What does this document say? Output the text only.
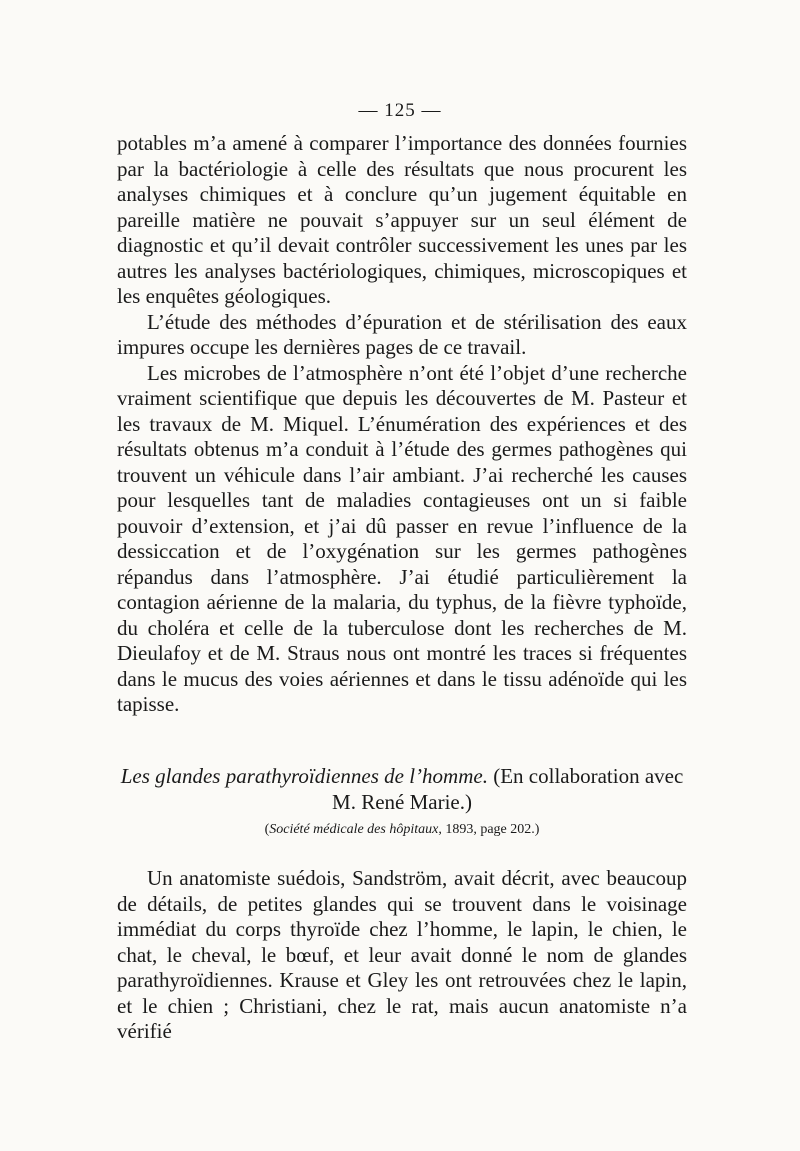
— 125 —

potables m’a amené à comparer l’importance des données fournies par la bactériologie à celle des résultats que nous procurent les analyses chimiques et à conclure qu’un jugement équitable en pareille matière ne pouvait s’appuyer sur un seul élément de diagnostic et qu’il devait contrôler successivement les unes par les autres les analyses bactériologiques, chimiques, microscopiques et les enquêtes géologiques.

L’étude des méthodes d’épuration et de stérilisation des eaux impures occupe les dernières pages de ce travail.

Les microbes de l’atmosphère n’ont été l’objet d’une recherche vraiment scientifique que depuis les découvertes de M. Pasteur et les travaux de M. Miquel. L’énumération des expériences et des résultats obtenus m’a conduit à l’étude des germes pathogènes qui trouvent un véhicule dans l’air ambiant. J’ai recherché les causes pour lesquelles tant de maladies contagieuses ont un si faible pouvoir d’extension, et j’ai dû passer en revue l’influence de la dessiccation et de l’oxygénation sur les germes pathogènes répandus dans l’atmosphère. J’ai étudié particulièrement la contagion aérienne de la malaria, du typhus, de la fièvre typhoïde, du choléra et celle de la tuberculose dont les recherches de M. Dieulafoy et de M. Straus nous ont montré les traces si fréquentes dans le mucus des voies aériennes et dans le tissu adénoïde qui les tapisse.

Les glandes parathyroïdiennes de l’homme. (En collaboration avec M. René Marie.)
(Société médicale des hôpitaux, 1893, page 202.)

Un anatomiste suédois, Sandström, avait décrit, avec beaucoup de détails, de petites glandes qui se trouvent dans le voisinage immédiat du corps thyroïde chez l’homme, le lapin, le chien, le chat, le cheval, le bœuf, et leur avait donné le nom de glandes parathyroïdiennes. Krause et Gley les ont retrouvées chez le lapin, et le chien ; Christiani, chez le rat, mais aucun anatomiste n’a vérifié
